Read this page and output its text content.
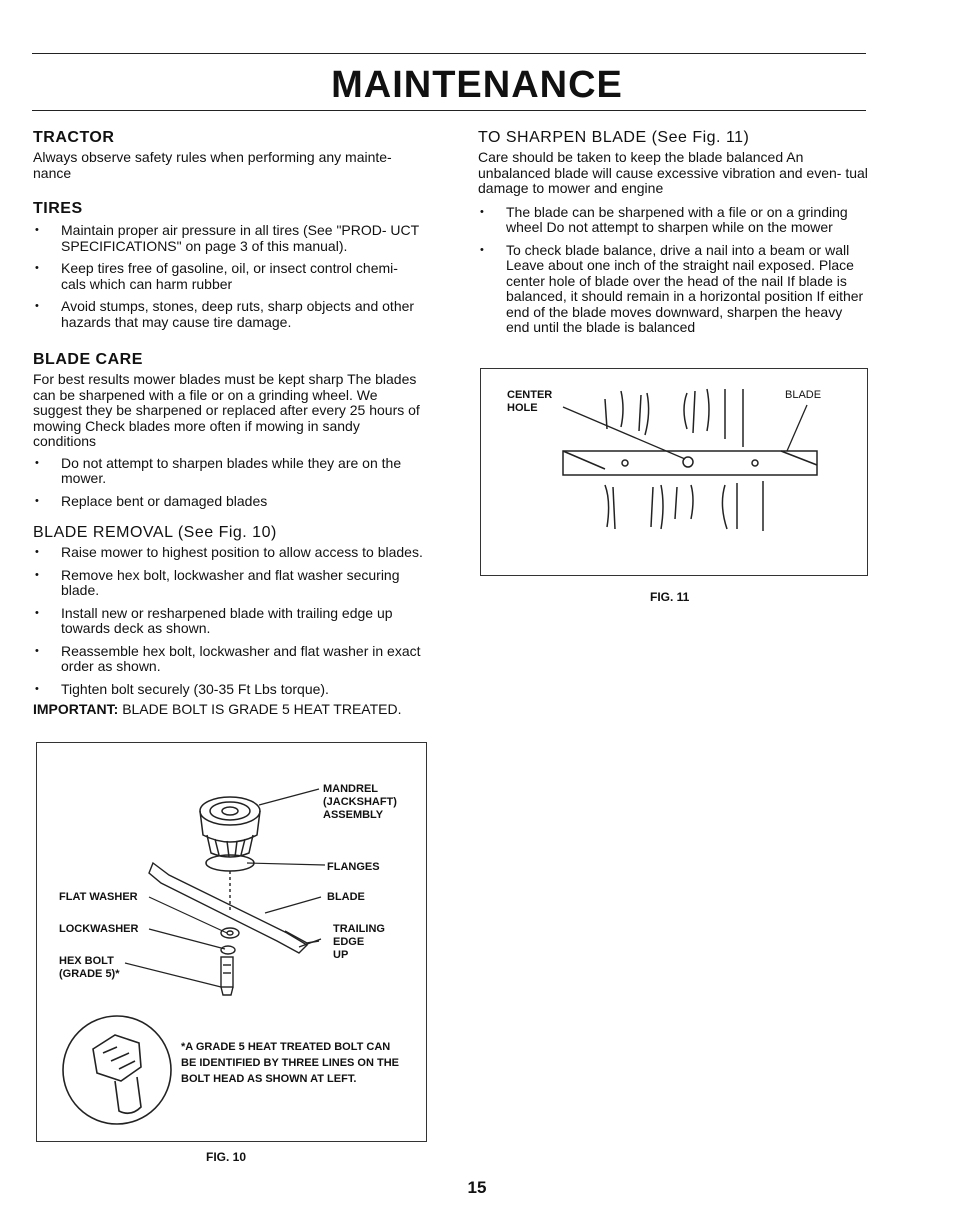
MAINTENANCE
TRACTOR

Always observe safety rules when performing any mainte- nance

TIRES
• Maintain proper air pressure in all tires (See "PROD- UCT SPECIFICATIONS" on page 3 of this manual).
• Keep tires free of gasoline, oil, or insect control chemi- cals which can harm rubber
• Avoid stumps, stones, deep ruts, sharp objects and other hazards that may cause tire damage.
BLADE CARE

For best results mower blades must be kept sharp The blades can be sharpened with a file or on a grinding wheel. We suggest they be sharpened or replaced after every 25 hours of mowing Check blades more often if mowing in sandy conditions

• Do not attempt to sharpen blades while they are on the mower.
• Replace bent or damaged blades
BLADE REMOVAL (See Fig. 10)
• Raise mower to highest position to allow access to blades.
• Remove hex bolt, lockwasher and flat washer securing blade.
• Install new or resharpened blade with trailing edge up towards deck as shown.
• Reassemble hex bolt, lockwasher and flat washer in exact order as shown.
• Tighten bolt securely (30-35 Ft Lbs torque).

IMPORTANT: BLADE BOLT IS GRADE 5 HEAT TREATED.

MANDREL
(JACKSHAFT)
ASSEMBLY
FLANGES
FLAT WASHER	BLADE
LOCKWASHER	TRAILING
EDGE
UP
HEX BOLT
(GRADE 5)*
*A GRADE 5 HEAT TREATED BOLT CAN BE IDENTIFIED BY THREE LINES ON THE BOLT HEAD AS SHOWN AT LEFT.
FIG. 10
TO SHARPEN BLADE (See Fig. 11)

Care should be taken to keep the blade balanced An unbalanced blade will cause excessive vibration and even- tual damage to mower and engine

• The blade can be sharpened with a file or on a grinding wheel Do not attempt to sharpen while on the mower
• To check blade balance, drive a nail into a beam or wall Leave about one inch of the straight nail exposed. Place center hole of blade over the head of the nail If blade is balanced, it should remain in a horizontal position If either end of the blade moves downward, sharpen the heavy end until the blade is balanced
CENTER
HOLE
BLADE
FIG. 11
15
